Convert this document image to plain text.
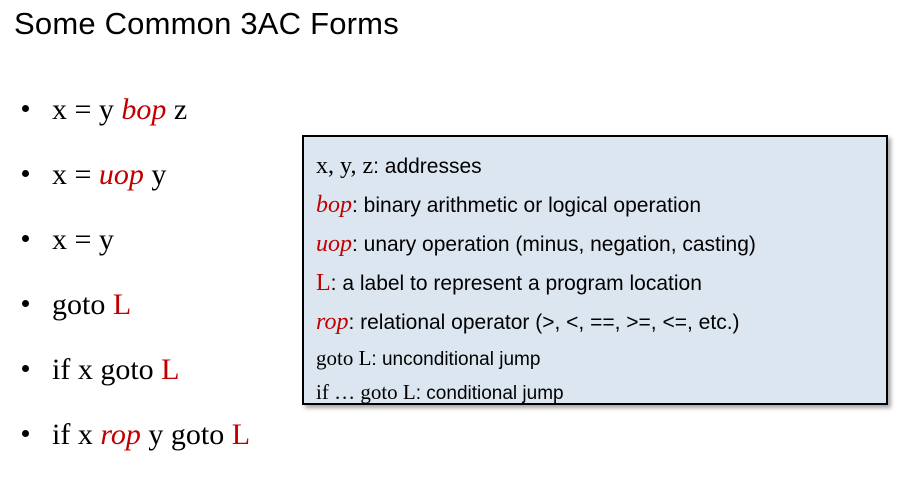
Some Common 3AC Forms
x = y bop z
x = uop y
x = y
goto L
if x goto L
if x rop y goto L
x, y, z: addresses
bop: binary arithmetic or logical operation
uop: unary operation (minus, negation, casting)
L: a label to represent a program location
rop: relational operator (>, <, ==, >=, <=, etc.)
goto L: unconditional jump
if … goto L: conditional jump
